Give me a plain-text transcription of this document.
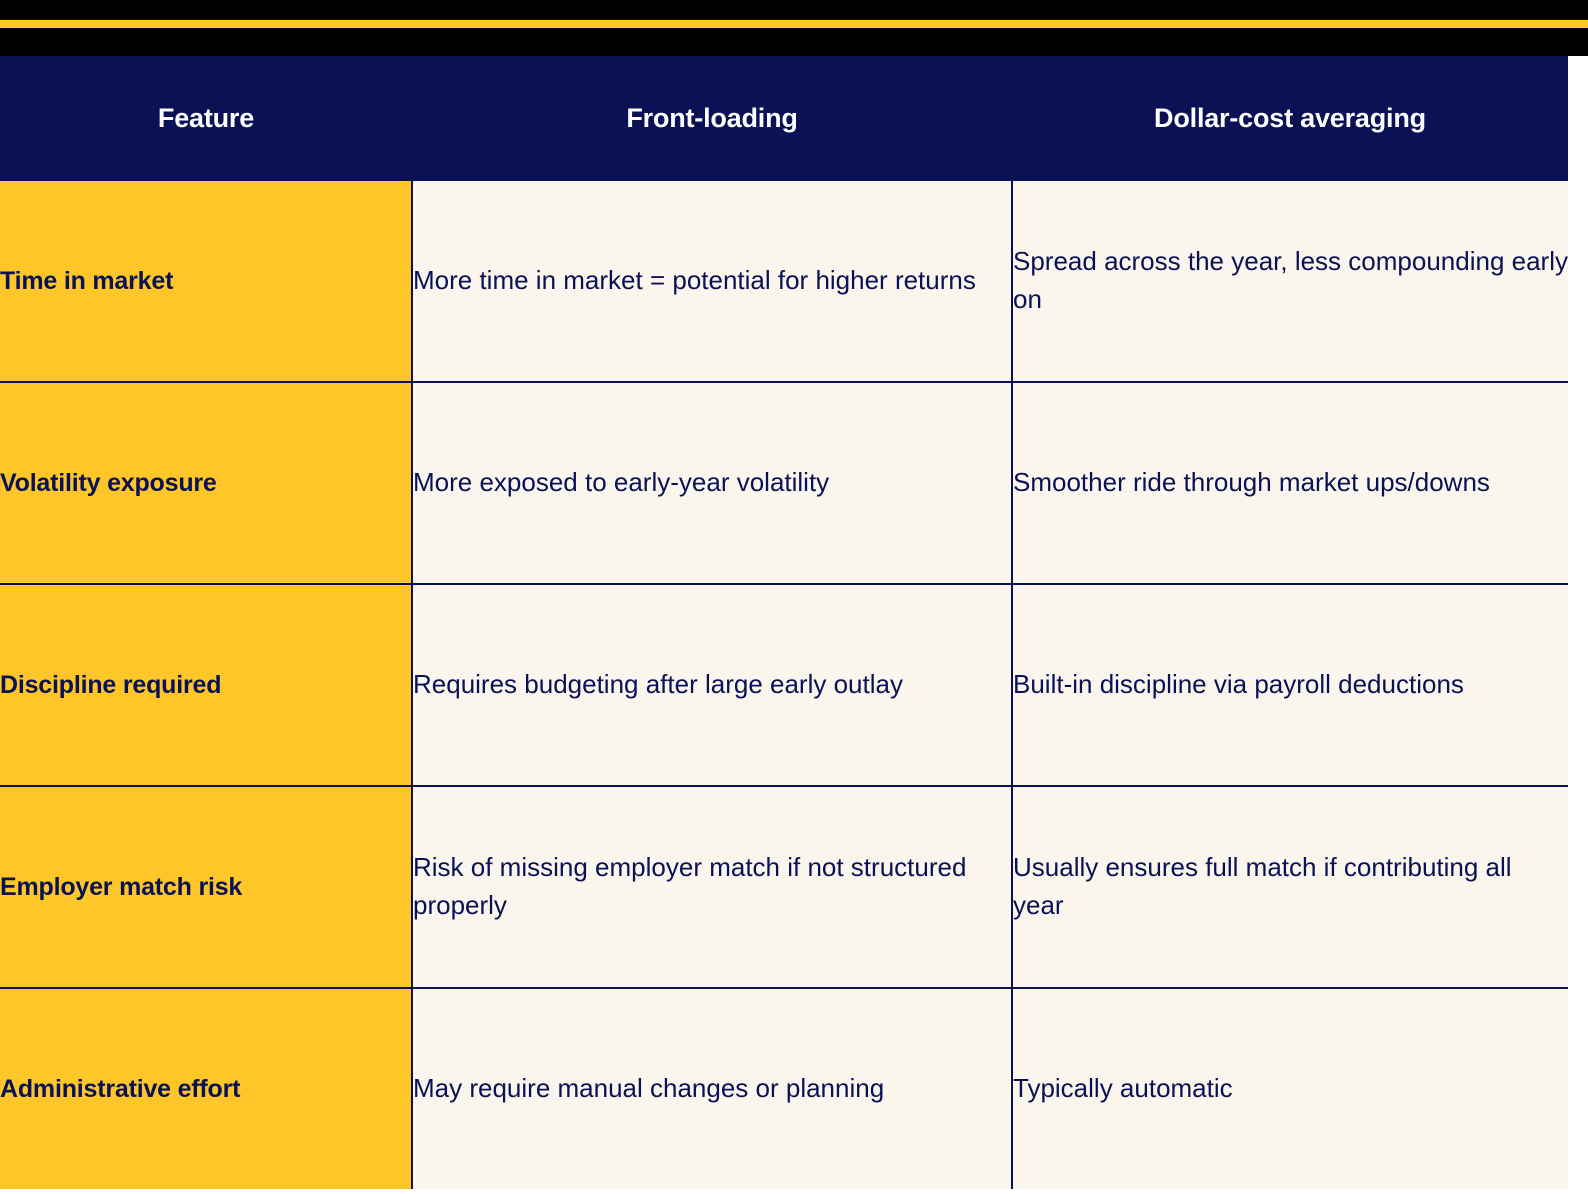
Feature	Front-loading	Dollar-cost averaging
Time in market	More time in market = potential for higher returns	Spread across the year, less compounding early on

Volatility exposure	More exposed to early-year volatility	Smoother ride through market ups/downs

Discipline required	Requires budgeting after large early outlay	Built-in discipline via payroll deductions

Employer match risk	Risk of missing employer match if not structured properly	Usually ensures full match if contributing all year

Administrative effort	May require manual changes or planning	Typically automatic
